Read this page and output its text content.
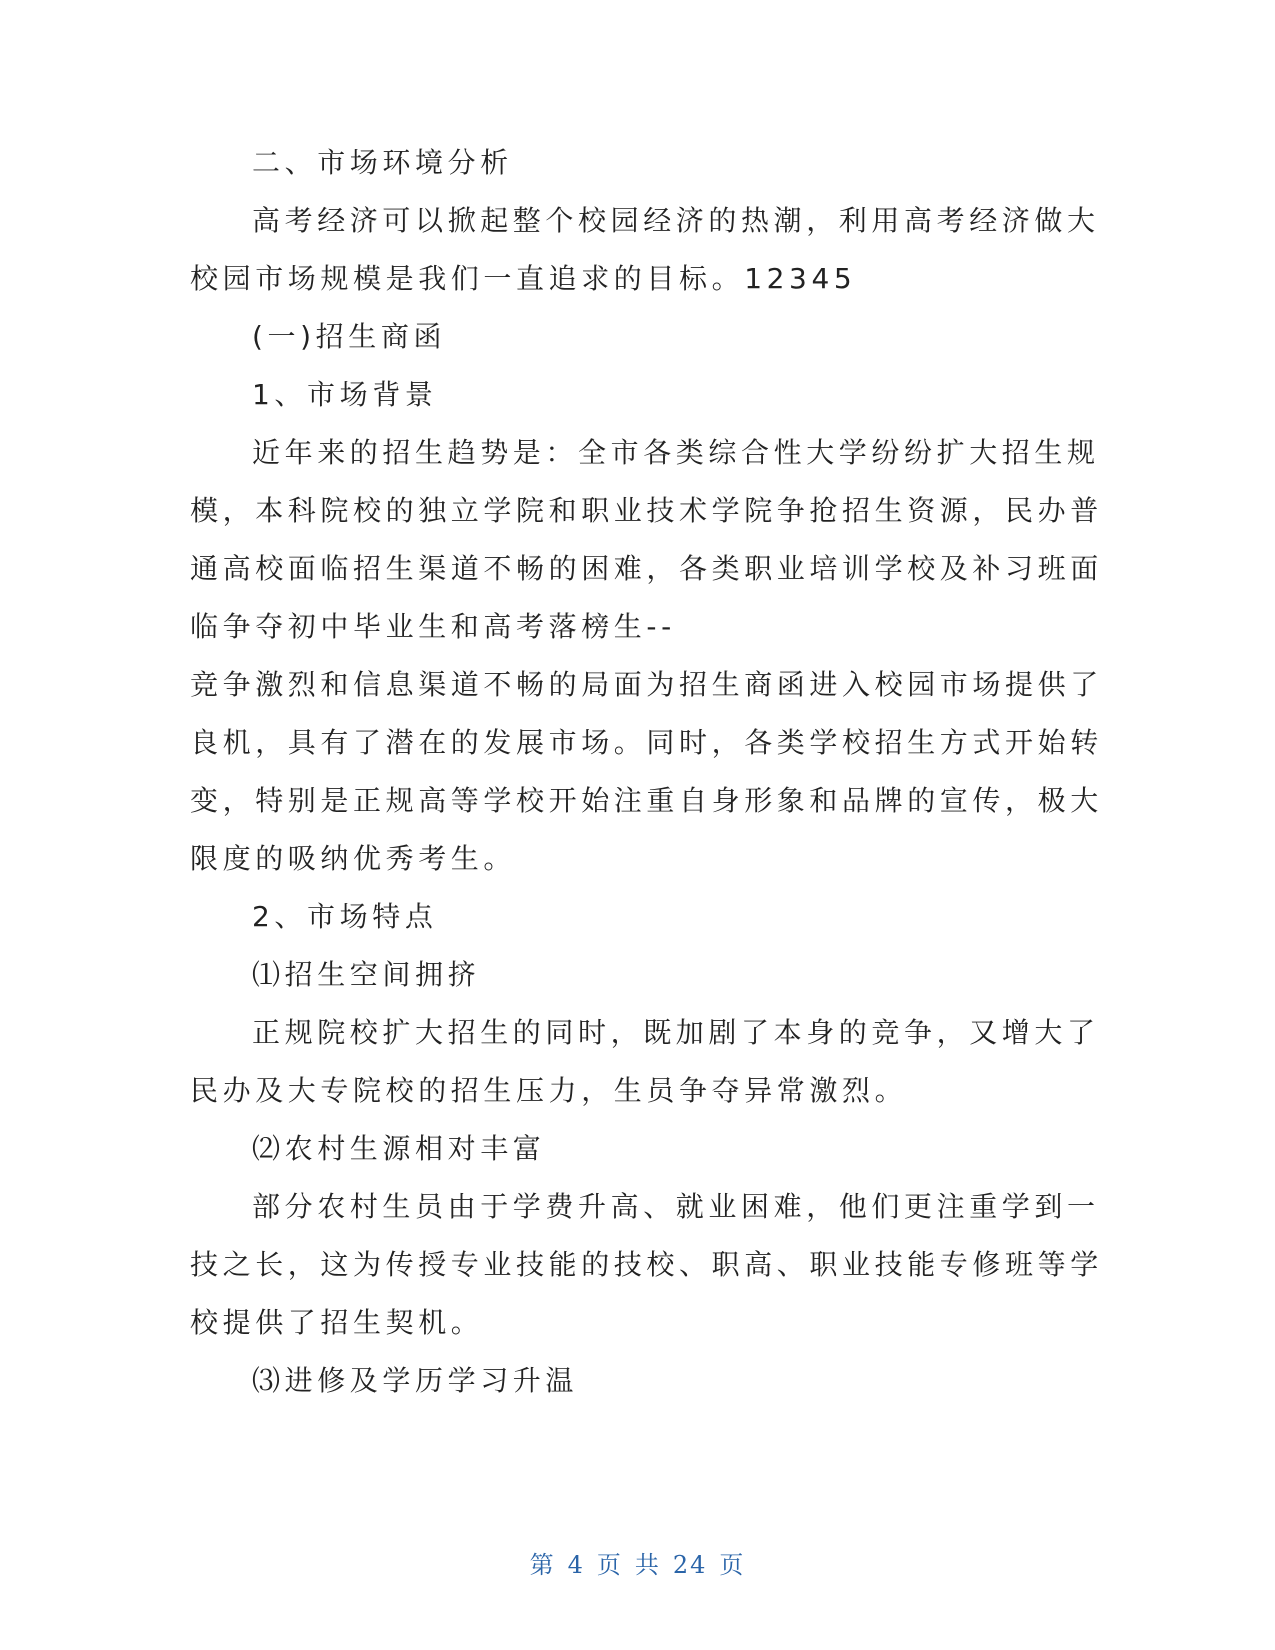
二、市场环境分析
高考经济可以掀起整个校园经济的热潮，利用高考经济做大
校园市场规模是我们一直追求的目标。12345
(一)招生商函
1、市场背景
近年来的招生趋势是：全市各类综合性大学纷纷扩大招生规
模，本科院校的独立学院和职业技术学院争抢招生资源，民办普
通高校面临招生渠道不畅的困难，各类职业培训学校及补习班面
临争夺初中毕业生和高考落榜生--
竞争激烈和信息渠道不畅的局面为招生商函进入校园市场提供了
良机，具有了潜在的发展市场。同时，各类学校招生方式开始转
变，特别是正规高等学校开始注重自身形象和品牌的宣传，极大
限度的吸纳优秀考生。
2、市场特点
⑴招生空间拥挤
正规院校扩大招生的同时，既加剧了本身的竞争，又增大了
民办及大专院校的招生压力，生员争夺异常激烈。
⑵农村生源相对丰富
部分农村生员由于学费升高、就业困难，他们更注重学到一
技之长，这为传授专业技能的技校、职高、职业技能专修班等学
校提供了招生契机。
⑶进修及学历学习升温
第 4 页 共 24 页
